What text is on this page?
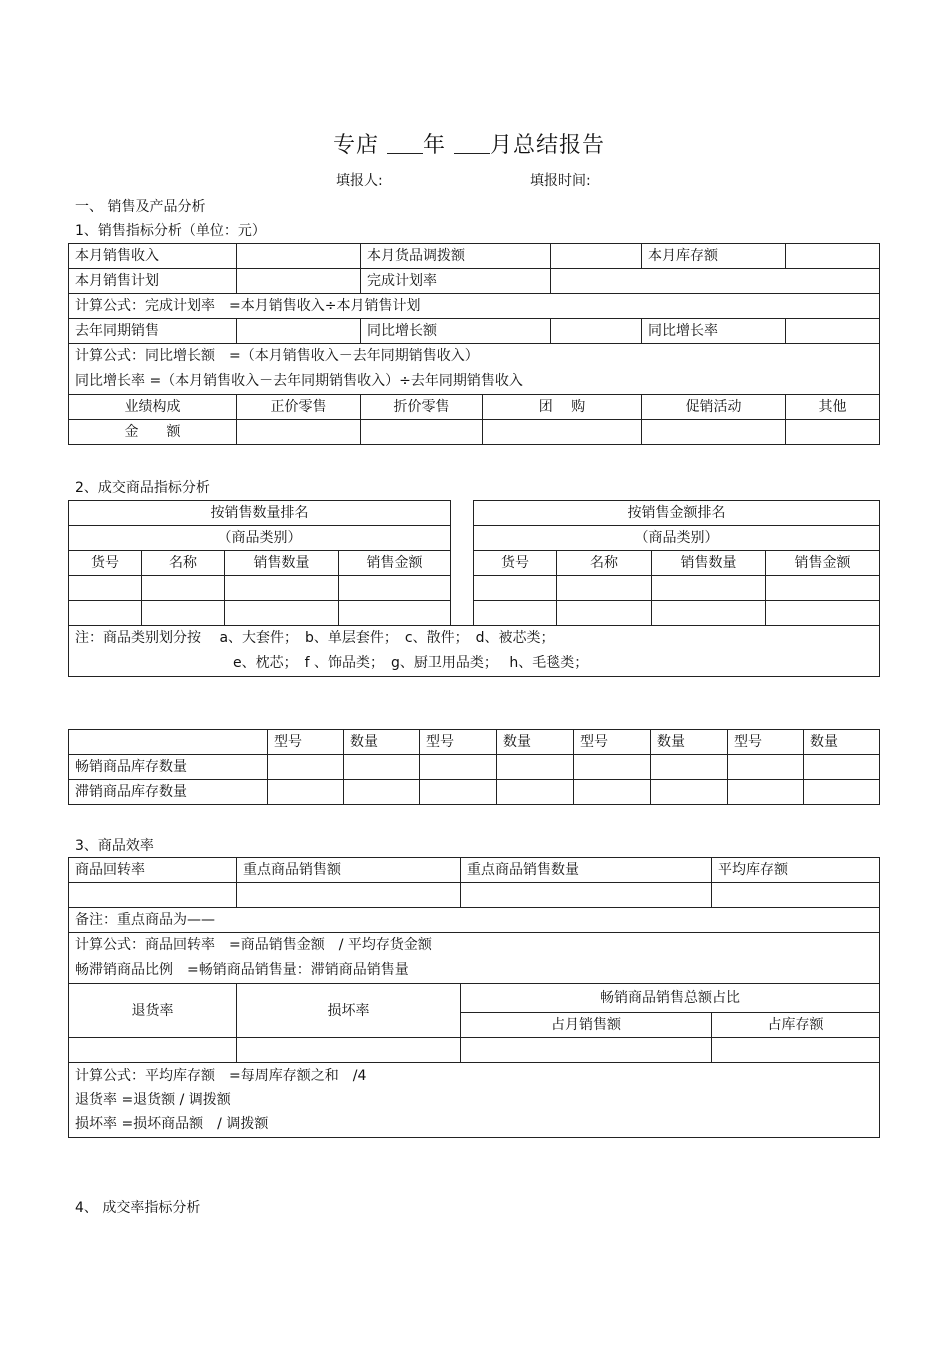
专店 年 月总结报告
填报人:	填报时间:
一、 销售及产品分析
1、销售指标分析（单位：元）
本月销售收入		本月货品调拨额			本月库存额	
本月销售计划		完成计划率				
计算公式：完成计划率　=本月销售收入÷本月销售计划						
去年同期销售		同比增长额			同比增长率	

计算公式：同比增长额　=（本月销售收入－去年同期销售收入）
同比增长率 =（本月销售收入－去年同期销售收入）÷去年同期销售收入						

业绩构成	正价零售	折价零售	团　 购		促销活动	其他
金　　额						
2、成交商品指标分析
按销售数量排名					按销售金额排名			
（商品类别）					（商品类别）			
货号	名称	销售数量	销售金额		货号	名称	销售数量	销售金额

注：商品类别划分按　 a、大套件；　b、单层套件；　c、散件；　d、被芯类；
e、枕芯；　f 、饰品类；　g、厨卫用品类；　 h、毛毯类；								
	型号	数量	型号	数量	型号	数量	型号	数量
畅销商品库存数量								
滞销商品库存数量								
3、商品效率
商品回转率	重点商品销售额	重点商品销售数量	平均库存额

备注：重点商品为——			

计算公式：商品回转率　=商品销售金额　/ 平均存货金额
畅滞销商品比例　=畅销商品销售量：滞销商品销售量			

退货率	损坏率	畅销商品销售总额占比	
		占月销售额	占库存额

计算公式：平均库存额　=每周库存额之和　/4
退货率 =退货额 / 调拨额
损坏率 =损坏商品额　/ 调拨额			
4、 成交率指标分析
